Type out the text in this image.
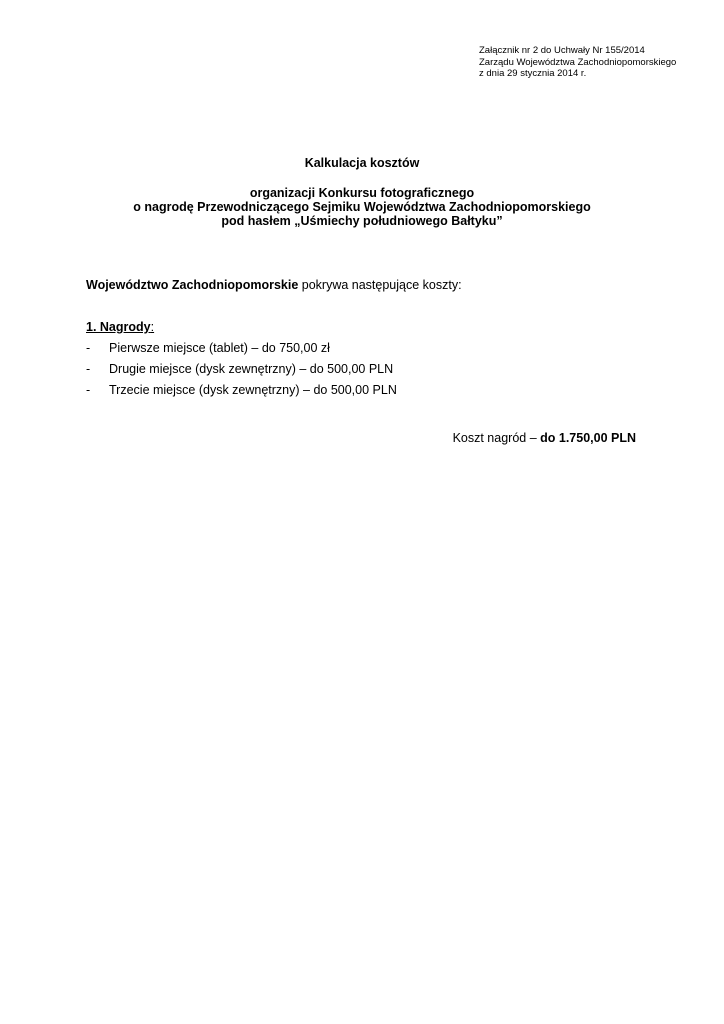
Załącznik nr 2 do Uchwały Nr 155/2014
Zarządu Województwa Zachodniopomorskiego
z dnia 29 stycznia 2014 r.
Kalkulacja kosztów
organizacji Konkursu fotograficznego
o nagrodę Przewodniczącego Sejmiku Województwa Zachodniopomorskiego
pod hasłem „Uśmiechy południowego Bałtyku”
Województwo Zachodniopomorskie pokrywa następujące koszty:
1. Nagrody:
- Pierwsze miejsce (tablet) – do 750,00 zł
- Drugie miejsce (dysk zewnętrzny) – do 500,00 PLN
- Trzecie miejsce (dysk zewnętrzny) – do 500,00 PLN
Koszt nagród – do 1.750,00 PLN
